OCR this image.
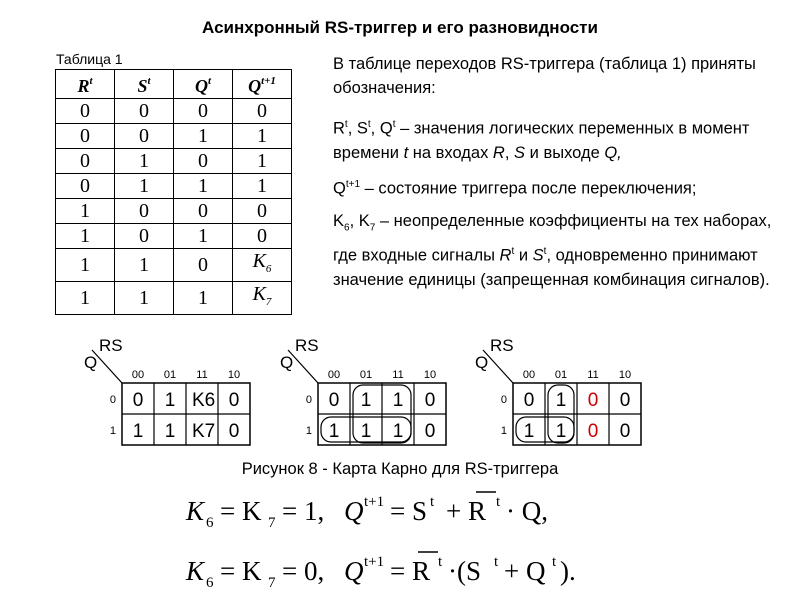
Асинхронный RS-триггер и его разновидности
Таблица 1
$R^t$	$S^t$	$Q^t$	$Q^{t+1}$
0	0	0	0
0	0	1	1
0	1	0	1
0	1	1	1
1	0	0	0
1	0	1	0
1	1	0	$K_6$
1	1	1	$K_7$
В таблице переходов RS-триггера (таблица 1) приняты обозначения:
$R^t$, $S^t$, $Q^t$ – значения логических переменных в момент времени t на входах R, S и выходе Q,
$Q^{t+1}$ – состояние триггера после переключения;
$K_6$, $K_7$ – неопределенные коэффициенты на тех наборах, где входные сигналы $R^t$ и $S^t$, одновременно принимают значение единицы (запрещенная комбинация сигналов).
RS
Q
00 01 11 10
0
1
0 1 K6 0
1 1 K7 0
RS
Q
00 01 11 10
0
1
0 1 1 0
1 1 1 0
RS
Q
00 01 11 10
0
1
0 1 0 0
1 1 0 0
Рисунок 8 - Карта Карно для RS-триггера
K 6 = K 7 = 1, Q t+1 = S t + R t · Q,
K 6 = K 7 = 0, Q t+1 = R t ·(S t + Q t ).
